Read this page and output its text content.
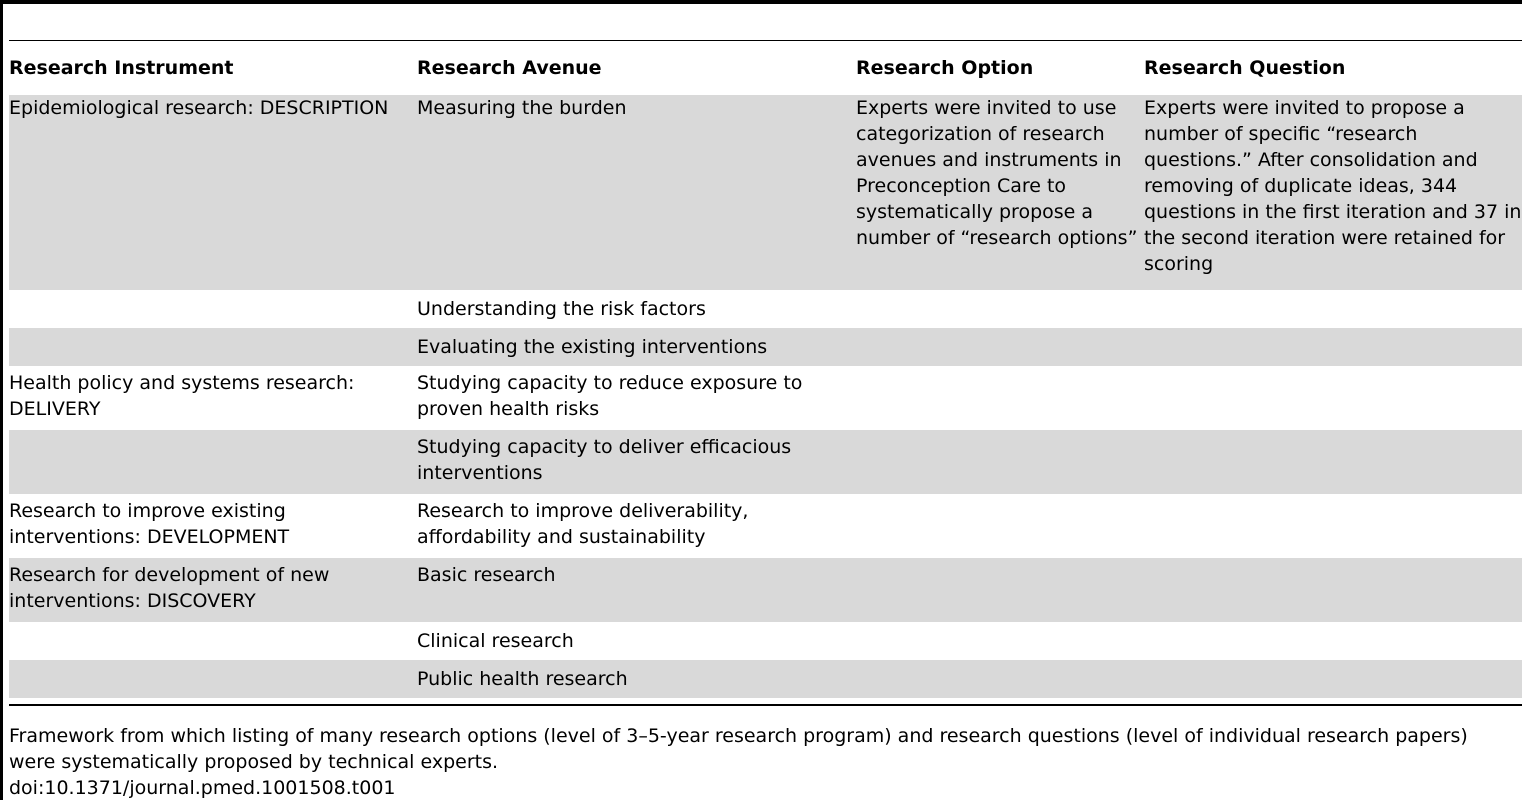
Research Instrument	Research Avenue	Research Option	Research Question
Epidemiological research: DESCRIPTION	Measuring the burden	Experts were invited to use categorization of research avenues and instruments in Preconception Care to systematically propose a number of “research options”	Experts were invited to propose a number of specific “research questions.” After consolidation and removing of duplicate ideas, 344 questions in the first iteration and 37 in the second iteration were retained for scoring
	Understanding the risk factors		
	Evaluating the existing interventions		
Health policy and systems research: DELIVERY	Studying capacity to reduce exposure to proven health risks		
	Studying capacity to deliver efficacious interventions		
Research to improve existing interventions: DEVELOPMENT	Research to improve deliverability, affordability and sustainability		
Research for development of new interventions: DISCOVERY	Basic research		
	Clinical research		
	Public health research		
Framework from which listing of many research options (level of 3–5-year research program) and research questions (level of individual research papers) were systematically proposed by technical experts.
doi:10.1371/journal.pmed.1001508.t001
